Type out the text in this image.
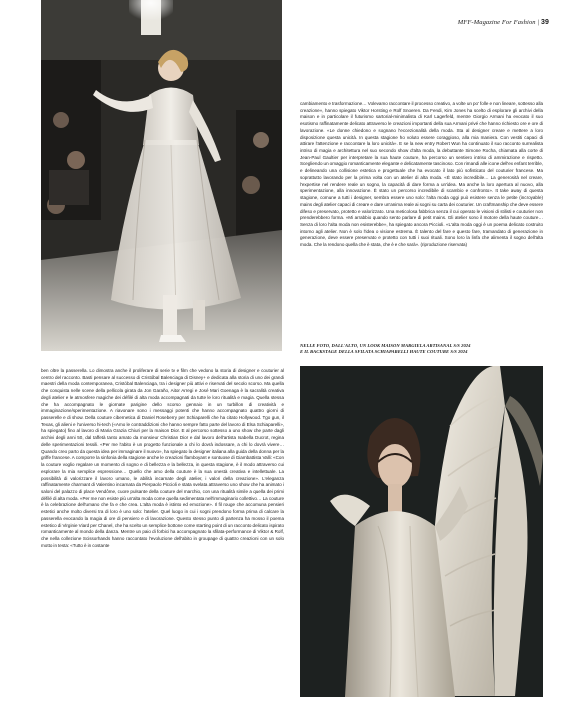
MFF-Magazine For Fashion | 39
cambiamento e trasformazione… Volevamo raccontare il processo creativo, a volte un po' folle e non lineare, sottesso alla creazione», hanno spiegato Viktor Horsting e Rolf Snoeren. Da Fendi, Kim Jones ha scelto di esplorare gli archivi della maison e in particolare il futurismo sartorial-minimalista di Karl Lagerfeld, mentre Giorgio Armani ha evocato il suo esotismo raffinatamente delicato attraverso le creazioni importanti della sua Armani privé che hanno richiesto ore e ore di lavorazione. «Le donne chiedono e sognano l'eccezionalità della moda. Sta al designer creare e mettere a loro disposizione questa unicità. In questa stagione ho voluto essere coraggioso, alla mia maniera. Con vestiti capaci di attirare l'attenzione e raccontare la loro unicità». E se la new entry Robert Wun ha continuato il suo racconto surrealista intriso di magia e architettura nel suo secondo show d'alta moda, la debuttante Simone Rocha, chiamata alla corte di Jean-Paul Gaultier per interpretare la sua haute couture, ha percorso un sentiero intriso di ammirazione e rispetto. Scegliendo un omaggio romanticamente elegante e delicatamente tascinoso. Con rimandi alle icone dell'ex enfant terrible, e delineando una collisione estetica e progettuale che ha evocato il lato più sofisticato del couturier francese. Ma soprattutto lavorando per la prima volta con un atelier di alta moda. «È stato incredibile… La generosità nel creare, l'expertise nel rendere reale un sogno, la capacità di dare forma a un'idea. Ma anche la loro apertura al nuovo, alla sperimentazione, alla innovazione. È stato un percorso incredibile di scambio e confronto». It take away di questa stagione, comune a tutti i designer, sembra essere uno solo: l'alta moda oggi può esistere senza le petite (incroyable) mains degli atelier capaci di creare e dare un'anima reale ai sogni su carta dei couturier. Un craftmanship che deve essere difeso e preservato, protetto e valorizzato. Una meticolosa fabbrica senza il cui operato le visioni di stilisti e couturier non prenderebbero forma. «Mi arrabbio quando sento parlare di petit mains. Gli atelier sono il motore della haute couture… Senza di loro l'alta moda non esisterebbe», ha spiegato ancora Piccioli. «L'alta moda oggi è un poema delicato costruito intorno agli atelier. Non è solo l'idea o visione estrema. È talento del fare e questo fare, tramandato di generazione in generazione, deve essere preservato e protetto con tutti i suoi rituali. Sono loro la linfa che alimenta il sogno dell'alta moda. Che la rendono quella che è stata, che è e che sarà». (riproduzione riservata)
NELLE FOTO, DALL'ALTO, UN LOOK MAISON MARGIELA ARTISANAL S/S 2024
E IL BACKSTAGE DELLA SFILATA SCHIAPARELLI HAUTE COUTURE S/S 2024
ben oltre la passerella. Lo dimostra anche il proliferare di serie tv e film che vedono la storia di designer e couturier al centro del racconto. Basti pensare al successo di Cristóbal Balenciaga di Disney+ e dedicata alla storia di uno dei grandi maestri della moda contemporanea, Cristóbal Balenciaga, tra i designer più attivi e riservati del secolo scorso. Ma quella che conquista nelle scene della pellicola girata da Jon Garaño, Aitor Arregi e José Mari Goenaga è la sacralità creativa degli atelier e le atmosfere magiche dei défilé di alta moda accompagnati da tutte le loro ritualità e magia. Quella stessa che ha accompagnato le giornate parigine dello scorso gennaio in un turbillon di creatività e immaginazione/sperimentazione. A riavonare sono i messaggi potenti che hanno accompagnato quattro giorni di passerelle e di show. Della couture cibernetica di Daniel Roseberry per Schiaparelli che ha citato Hollywood. Tgo gun, il Texas, gli alieni e l'universo hi-tech («Amo le contraddizioni che hanno sempre fatto parte del lavoro di Elsa Schiaparelli», ha spiegato) fino al lavoro di Maria Grazia Chiuri per la maison Dior. E al percorso sottesso a uno show che parte dagli archivi degli anni 50, dal taffetà tanto amato da monsieur Christian Dior e dal lavoro dell'artista Isabella Ducrot, regina delle sperimentazioni tessili. «Per me l'abito è un progetto funzionale a chi lo dovrà indossare, a chi lo dovrà vivere… Quando creo parto da questa idea per immaginare il nuovo», ha spiegato la designer italiana alla guida della donna per la griffe francese. A comporre la sinfonia della stagione anche le creazioni flamboyant e sontuose di Giambattista Valli: «Con la couture voglio regalare un momento di sogno e di bellezza e la bellezza, in questa stagione, è il modo attraverso cui esplorare la mia semplice espressione… Quello che amo della couture è la sua onestà creativa e intellettuale. La possibilità di valorizzare il lavoro umano, le abilità incarnate degli atelier, i valori della creazione». L'eleganza raffinatamente charmant di Valentino incarnata da Pierpaolo Piccioli e stata svelata attraverso uno show che ha animato i saloni del palazzo di place Vendôme, cuore pulsante della couture del marchio, con una ritualità simile a quella dei primi défilé di alta moda. «Per me non esiste più un'alta moda come quella sedimentata nell'immaginario collettivo… La couture è la celebrazione dell'umano che fa e che crea. L'alta moda è istinto ed emozione». Il fil rouge che accomuna pensieri estetici anche molto diversi tra di loro è uno solo: l'atelier. Quel luogo in cui i sogni prendono forma prima di calcare la passerella evocando la magia di ore di pensiero e di lavorazione. Questo stesso punto di partenza ha mosso il poema estetico di Virginie Viard per Chanel, che ha scelto un semplice bottone come starting point di un racconto delicato ispirato romanticamente al mondo della danza. Mentre un paio di forbici ha accompagnato la sfilata-performance di Viktor & Rolf, che nella collezione Scissorhands hanno raccontato l'evoluzione dell'abito in groupage di quattro creazioni con un solo motto in testa: «Tutto è in costante
